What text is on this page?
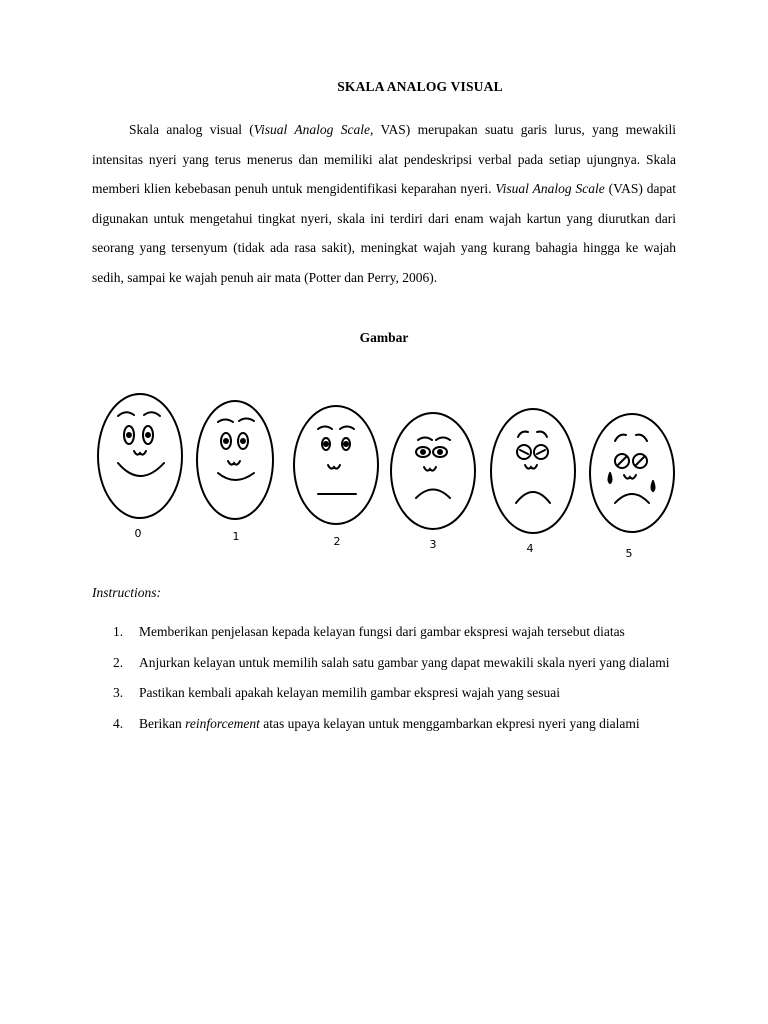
SKALA ANALOG VISUAL
Skala analog visual (Visual Analog Scale, VAS) merupakan suatu garis lurus, yang mewakili intensitas nyeri yang terus menerus dan memiliki alat pendeskripsi verbal pada setiap ujungnya. Skala memberi klien kebebasan penuh untuk mengidentifikasi keparahan nyeri. Visual Analog Scale (VAS) dapat digunakan untuk mengetahui tingkat nyeri, skala ini terdiri dari enam wajah kartun yang diurutkan dari seorang yang tersenyum (tidak ada rasa sakit), meningkat wajah yang kurang bahagia hingga ke wajah sedih, sampai ke wajah penuh air mata (Potter dan Perry, 2006).
Gambar
0	1	2	3	4	5
Instructions:
1. Memberikan penjelasan kepada kelayan fungsi dari gambar ekspresi wajah tersebut diatas
2. Anjurkan kelayan untuk memilih salah satu gambar yang dapat mewakili skala nyeri yang dialami
3. Pastikan kembali apakah kelayan memilih gambar ekspresi wajah yang sesuai
4. Berikan reinforcement atas upaya kelayan untuk menggambarkan ekpresi nyeri yang dialami
